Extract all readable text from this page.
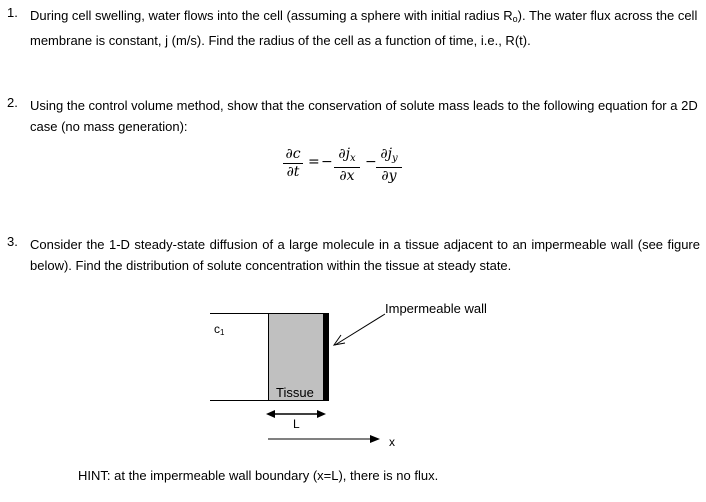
1. During cell swelling, water flows into the cell (assuming a sphere with initial radius $R_o$). The water flux across the cell membrane is constant, j (m/s). Find the radius of the cell as a function of time, i.e., R(t).
2. Using the control volume method, show that the conservation of solute mass leads to the following equation for a 2D case (no mass generation):
∂c
∂t
= − $\partial j_x$
∂x
− $\partial j_y$
∂y
3. Consider the 1-D steady-state diffusion of a large molecule in a tissue adjacent to an impermeable wall (see figure below). Find the distribution of solute concentration within the tissue at steady state.
Impermeable wall
$c_1$
Tissue
L
x
HINT: at the impermeable wall boundary (x=L), there is no flux.
